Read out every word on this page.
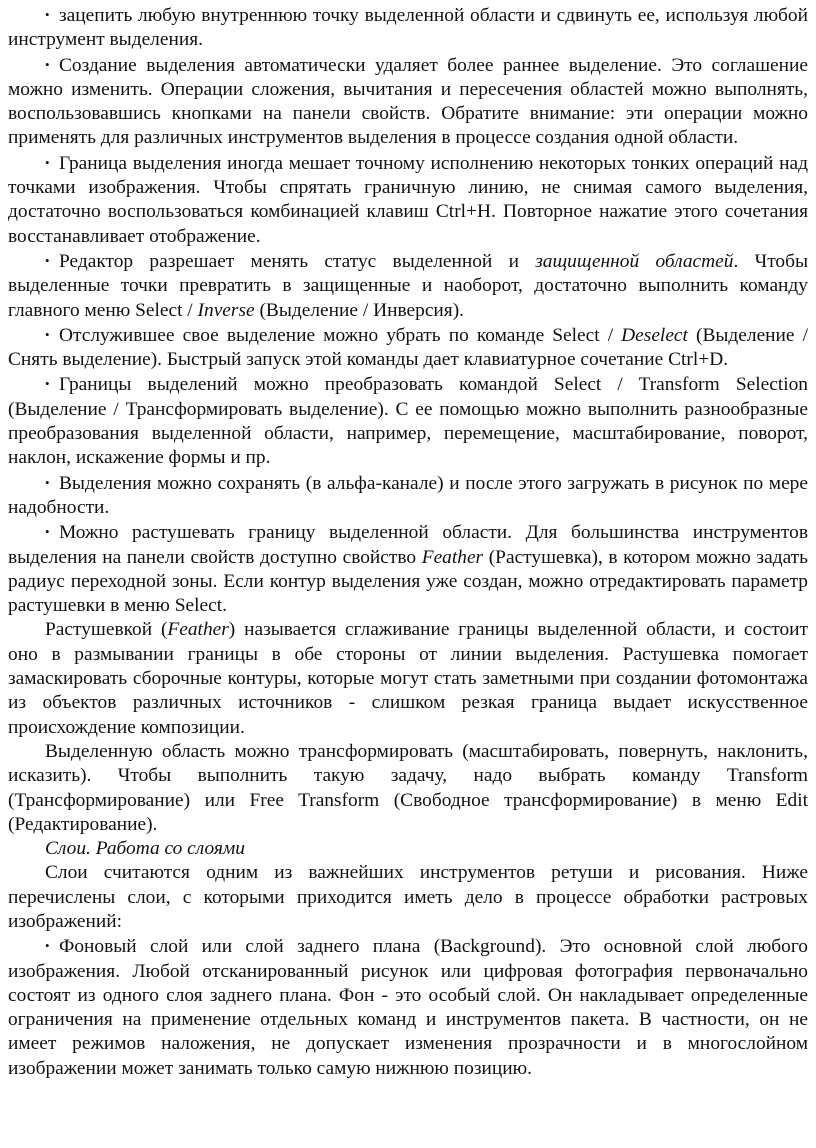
• зацепить любую внутреннюю точку выделенной области и сдвинуть ее, используя любой инструмент выделения.

• Создание выделения автоматически удаляет более раннее выделение. Это соглашение можно изменить. Операции сложения, вычитания и пересечения областей можно выполнять, воспользовавшись кнопками на панели свойств. Обратите внимание: эти операции можно применять для различных инструментов выделения в процессе создания одной области.

• Граница выделения иногда мешает точному исполнению некоторых тонких операций над точками изображения. Чтобы спрятать граничную линию, не снимая самого выделения, достаточно воспользоваться комбинацией клавиш Ctrl+H. Повторное нажатие этого сочетания восстанавливает отображение.

• Редактор разрешает менять статус выделенной и защищенной областей. Чтобы выделенные точки превратить в защищенные и наоборот, достаточно выполнить команду главного меню Select / Inverse (Выделение / Инверсия).

• Отслужившее свое выделение можно убрать по команде Select / Deselect (Выделение / Снять выделение). Быстрый запуск этой команды дает клавиатурное сочетание Ctrl+D.

• Границы выделений можно преобразовать командой Select / Transform Selection (Выделение / Трансформировать выделение). С ее помощью можно выполнить разнообразные преобразования выделенной области, например, перемещение, масштабирование, поворот, наклон, искажение формы и пр.

• Выделения можно сохранять (в альфа-канале) и после этого загружать в рисунок по мере надобности.

• Можно растушевать границу выделенной области. Для большинства инструментов выделения на панели свойств доступно свойство Feather (Растушевка), в котором можно задать радиус переходной зоны. Если контур выделения уже создан, можно отредактировать параметр растушевки в меню Select.

Растушевкой (Feather) называется сглаживание границы выделенной области, и состоит оно в размывании границы в обе стороны от линии выделения. Растушевка помогает замаскировать сборочные контуры, которые могут стать заметными при создании фотомонтажа из объектов различных источников - слишком резкая граница выдает искусственное происхождение композиции.

Выделенную область можно трансформировать (масштабировать, повернуть, наклонить, исказить). Чтобы выполнить такую задачу, надо выбрать команду Transform (Трансформирование) или Free Transform (Свободное трансформирование) в меню Edit (Редактирование).

Слои. Работа со слоями

Слои считаются одним из важнейших инструментов ретуши и рисования. Ниже перечислены слои, с которыми приходится иметь дело в процессе обработки растровых изображений:

• Фоновый слой или слой заднего плана (Background). Это основной слой любого изображения. Любой отсканированный рисунок или цифровая фотография первоначально состоят из одного слоя заднего плана. Фон - это особый слой. Он накладывает определенные ограничения на применение отдельных команд и инструментов пакета. В частности, он не имеет режимов наложения, не допускает изменения прозрачности и в многослойном изображении может занимать только самую нижнюю позицию.
